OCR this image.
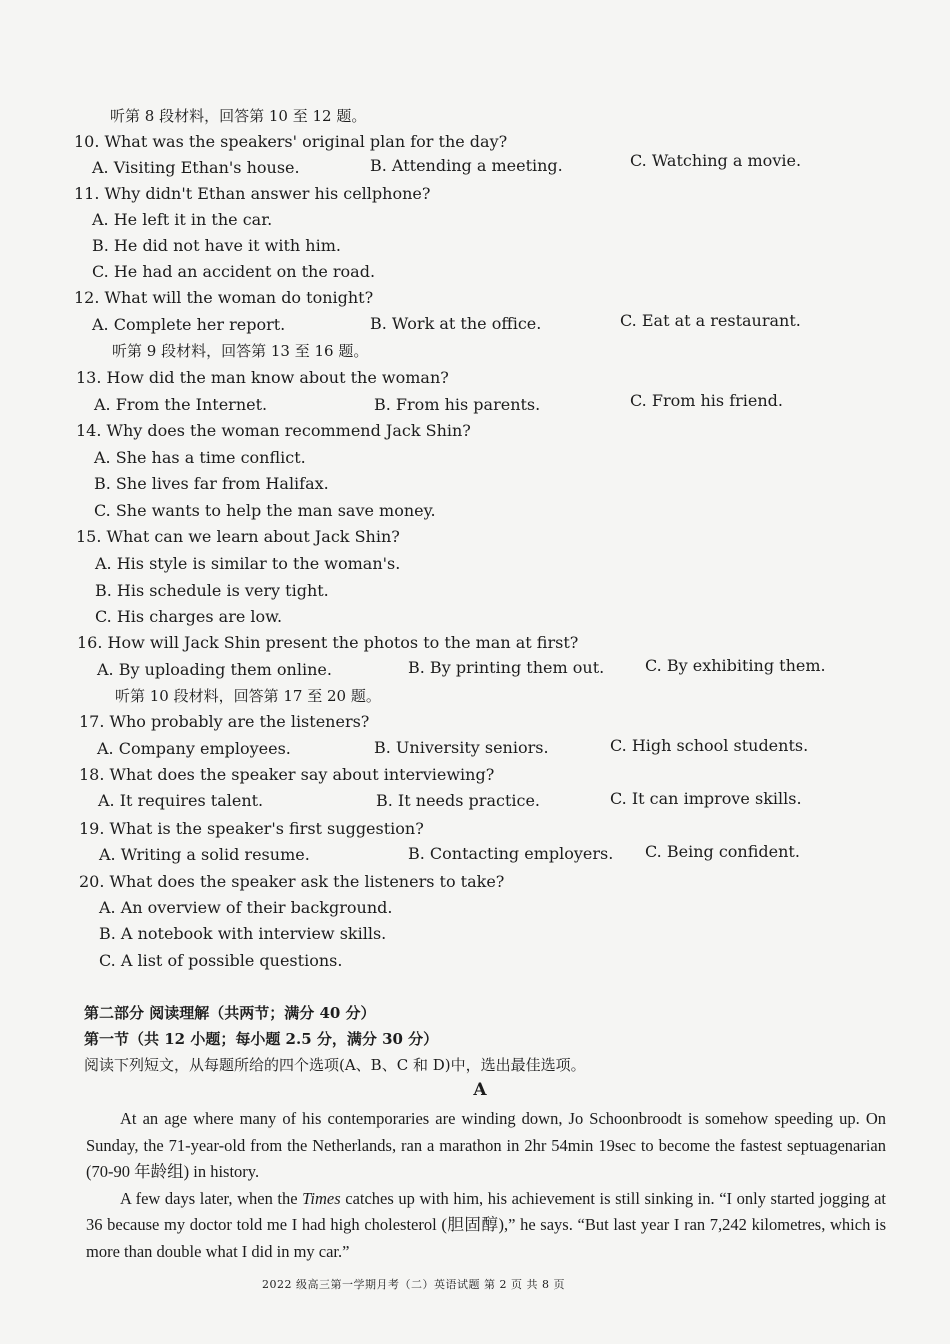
听第 8 段材料，回答第 10 至 12 题。
10. What was the speakers' original plan for the day?
A. Visiting Ethan's house.	B. Attending a meeting.	C. Watching a movie.
11. Why didn't Ethan answer his cellphone?
A. He left it in the car.
B. He did not have it with him.
C. He had an accident on the road.
12. What will the woman do tonight?
A. Complete her report.	B. Work at the office.	C. Eat at a restaurant.
听第 9 段材料，回答第 13 至 16 题。
13. How did the man know about the woman?
A. From the Internet.	B. From his parents.	C. From his friend.
14. Why does the woman recommend Jack Shin?
A. She has a time conflict.
B. She lives far from Halifax.
C. She wants to help the man save money.
15. What can we learn about Jack Shin?
A. His style is similar to the woman's.
B. His schedule is very tight.
C. His charges are low.
16. How will Jack Shin present the photos to the man at first?
A. By uploading them online.	B. By printing them out.	C. By exhibiting them.
听第 10 段材料，回答第 17 至 20 题。
17. Who probably are the listeners?
A. Company employees.	B. University seniors.	C. High school students.
18. What does the speaker say about interviewing?
A. It requires talent.	B. It needs practice.	C. It can improve skills.
19. What is the speaker's first suggestion?
A. Writing a solid resume.	B. Contacting employers. C. Being confident.
20. What does the speaker ask the listeners to take?
A. An overview of their background.
B. A notebook with interview skills.
C. A list of possible questions.
第二部分 阅读理解（共两节；满分 40 分）
第一节（共 12 小题；每小题 2.5 分，满分 30 分）
阅读下列短文，从每题所给的四个选项(A、B、C 和 D)中，选出最佳选项。
A

At an age where many of his contemporaries are winding down, Jo Schoonbroodt is somehow speeding up. On Sunday, the 71-year-old from the Netherlands, ran a marathon in 2hr 54min 19sec to become the fastest septuagenarian (70-90 年龄组) in history.

A few days later, when the Times catches up with him, his achievement is still sinking in. “I only started jogging at 36 because my doctor told me I had high cholesterol (胆固醇),” he says. “But last year I ran 7,242 kilometres, which is more than double what I did in my car.”

2022 级高三第一学期月考（二）英语试题 第 2 页 共 8 页
